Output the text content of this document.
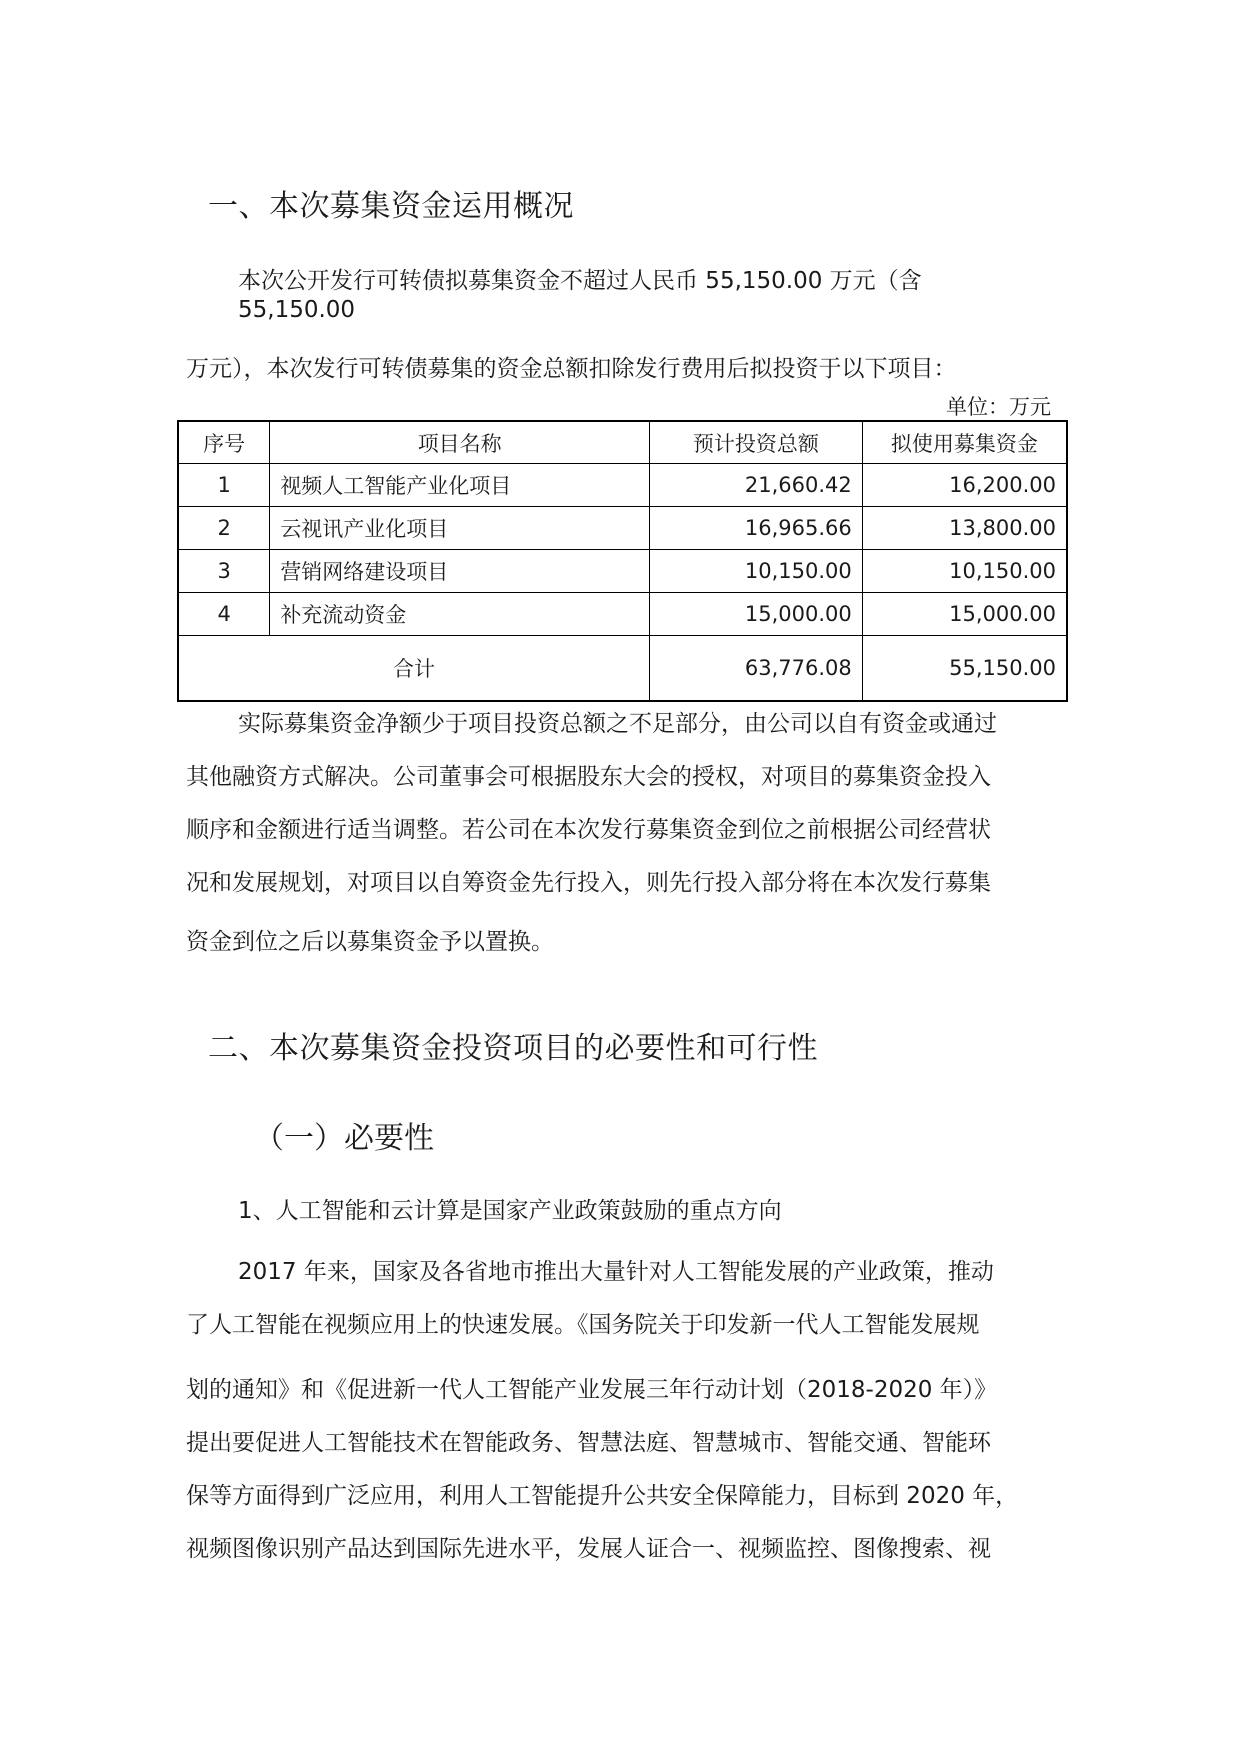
一、本次募集资金运用概况
本次公开发行可转债拟募集资金不超过人民币 55,150.00 万元（含
55,150.00
万元），本次发行可转债募集的资金总额扣除发行费用后拟投资于以下项目：
单位：万元
序号	项目名称	预计投资总额	拟使用募集资金
1	视频人工智能产业化项目	21,660.42	16,200.00
2	云视讯产业化项目	16,965.66	13,800.00
3	营销网络建设项目	10,150.00	10,150.00
4	补充流动资金	15,000.00	15,000.00
合计		63,776.08	55,150.00
实际募集资金净额少于项目投资总额之不足部分，由公司以自有资金或通过
其他融资方式解决。公司董事会可根据股东大会的授权，对项目的募集资金投入
顺序和金额进行适当调整。若公司在本次发行募集资金到位之前根据公司经营状
况和发展规划，对项目以自筹资金先行投入，则先行投入部分将在本次发行募集
资金到位之后以募集资金予以置换。
二、本次募集资金投资项目的必要性和可行性
（一）必要性
1、人工智能和云计算是国家产业政策鼓励的重点方向
2017 年来，国家及各省地市推出大量针对人工智能发展的产业政策，推动
了人工智能在视频应用上的快速发展。《国务院关于印发新一代人工智能发展规
划的通知》和《促进新一代人工智能产业发展三年行动计划（2018-2020 年）》
提出要促进人工智能技术在智能政务、智慧法庭、智慧城市、智能交通、智能环
保等方面得到广泛应用，利用人工智能提升公共安全保障能力，目标到 2020 年，
视频图像识别产品达到国际先进水平，发展人证合一、视频监控、图像搜索、视
